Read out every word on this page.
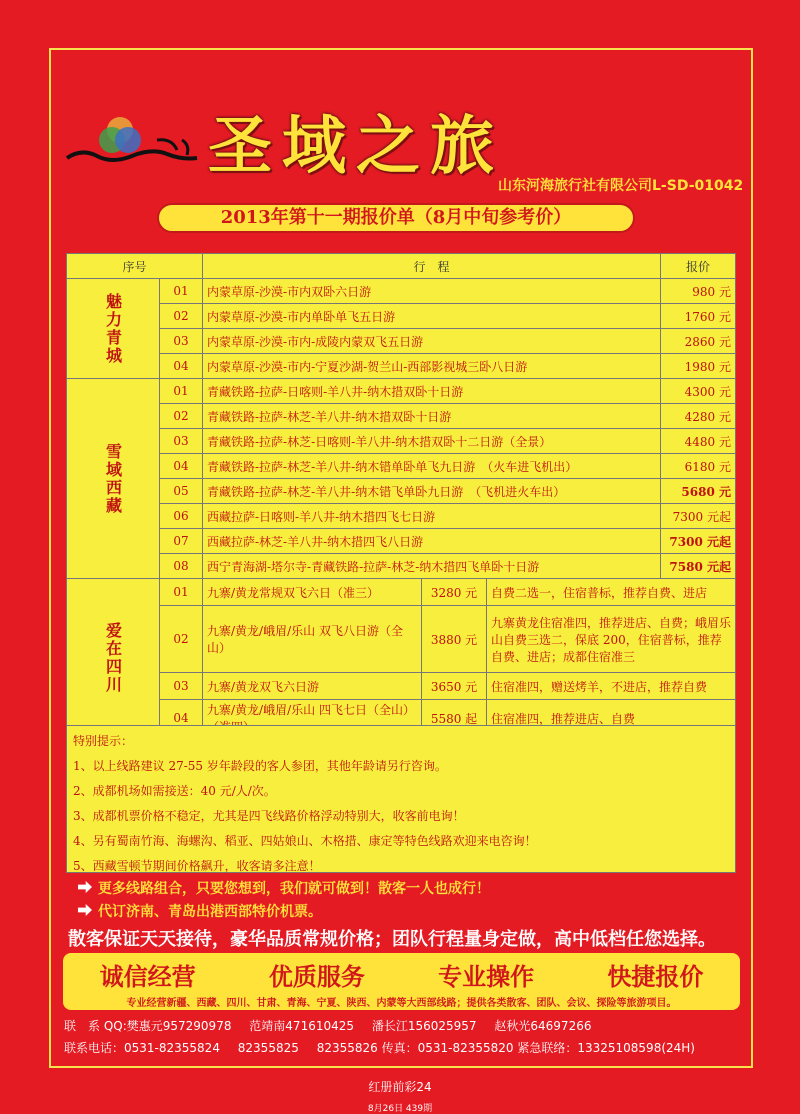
圣域之旅
山东河海旅行社有限公司L-SD-01042
2013年第十一期报价单（8月中旬参考价）
序号		行　程			报价
魅力青城	01	内蒙草原-沙漠-市内双卧六日游			980 元
	02	内蒙草原-沙漠-市内单卧单飞五日游			1760 元
	03	内蒙草原-沙漠-市内-成陵内蒙双飞五日游			2860 元
	04	内蒙草原-沙漠-市内-宁夏沙湖-贺兰山-西部影视城三卧八日游			1980 元
雪域西藏	01	青藏铁路-拉萨-日喀则-羊八井-纳木措双卧十日游			4300 元
	02	青藏铁路-拉萨-林芝-羊八井-纳木措双卧十日游			4280 元
	03	青藏铁路-拉萨-林芝-日喀则-羊八井-纳木措双卧十二日游（全景）			4480 元
	04	青藏铁路-拉萨-林芝-羊八井-纳木错单卧单飞九日游　（火车进飞机出）			6180 元
	05	青藏铁路-拉萨-林芝-羊八井-纳木错飞单卧九日游　（飞机进火车出）			5680 元
	06	西藏拉萨-日喀则-羊八井-纳木措四飞七日游			7300 元起
	07	西藏拉萨-林芝-羊八井-纳木措四飞八日游			7300 元起
	08	西宁青海湖-塔尔寺-青藏铁路-拉萨-林芝-纳木措四飞单卧十日游			7580 元起
爱在四川	01	九寨/黄龙常规双飞六日（准三）	3280 元	自费二选一，住宿普标，推荐自费、进店	
	02	九寨/黄龙/峨眉/乐山 双飞八日游（全山）	3880 元	九寨黄龙住宿准四，推荐进店、自费；峨眉乐山自费三选二，保底 200，住宿普标，推荐自费、进店；成都住宿准三	
	03	九寨/黄龙双飞六日游	3650 元	住宿准四，赠送烤羊，不进店，推荐自费	
	04	九寨/黄龙/峨眉/乐山 四飞七日（全山）	5580 起	住宿准四，推荐进店、自费	
特别提示：
1、以上线路建议 27-55 岁年龄段的客人参团，其他年龄请另行咨询。
2、成都机场如需接送：40 元/人/次。
3、成都机票价格不稳定，尤其是四飞线路价格浮动特别大，收客前电询！
4、另有蜀南竹海、海螺沟、稻亚、四姑娘山、木格措、康定等特色线路欢迎来电咨询！
5、西藏雪顿节期间价格飙升，收客请多注意！
更多线路组合，只要您想到，我们就可做到！散客一人也成行！
代订济南、青岛出港西部特价机票。
散客保证天天接待，豪华品质常规价格；团队行程量身定做，高中低档任您选择。
诚信经营	优质服务	专业操作	快捷报价
专业经营新疆、西藏、四川、甘肃、青海、宁夏、陕西、内蒙等大西部线路；提供各类散客、团队、会议、探险等旅游项目。
联　系 QQ:樊惠元957290978 范靖南471610425 潘长江156025957 赵秋光64697266
联系电话：0531-82355824 82355825 82355826 传真：0531-82355820 紧急联络：13325108598(24H)
红册前彩24
8月26日 439期
